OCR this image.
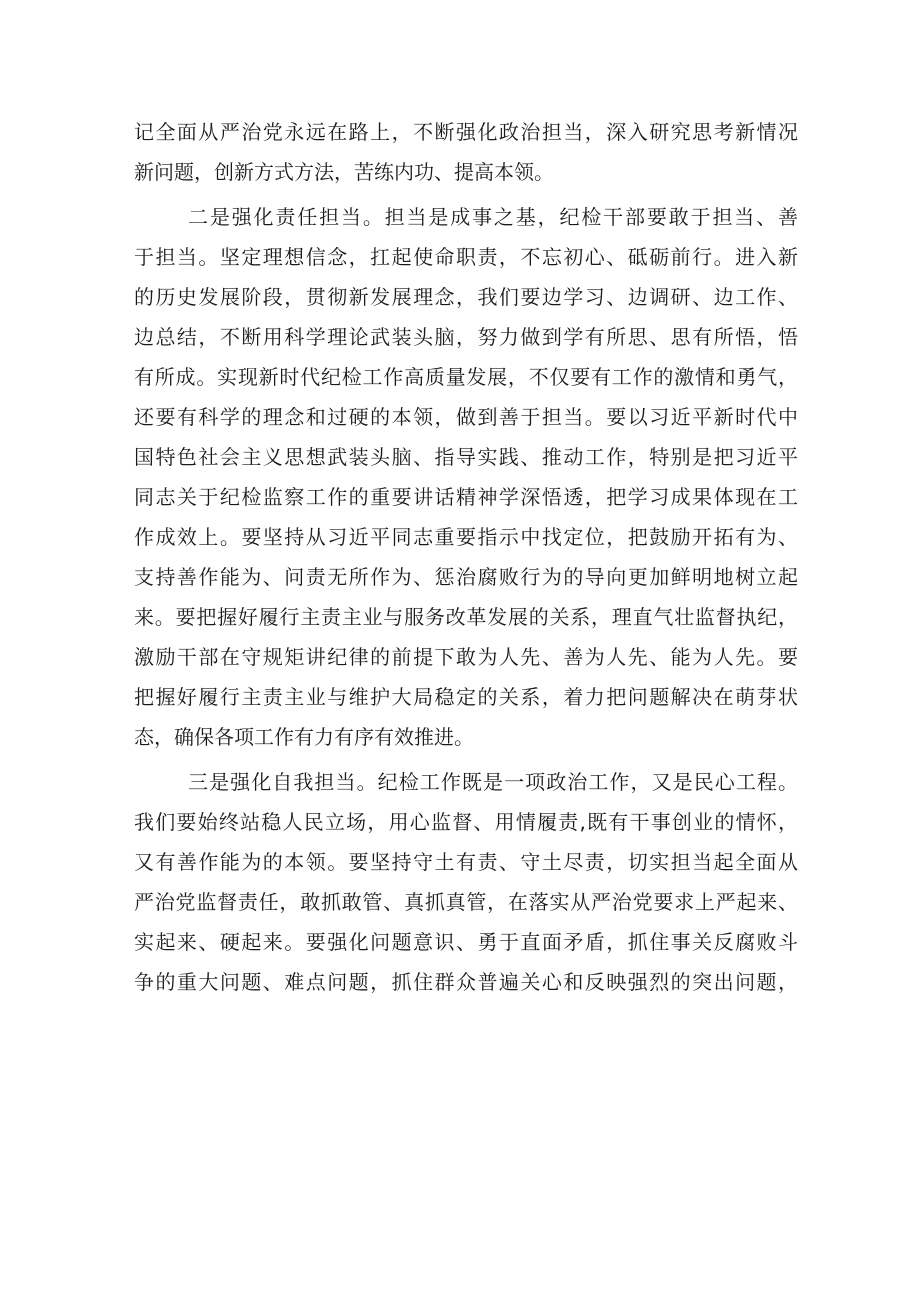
记全面从严治党永远在路上，不断强化政治担当，深入研究思考新情况
新问题，创新方式方法，苦练内功、提高本领。
二是强化责任担当。担当是成事之基，纪检干部要敢于担当、善
于担当。坚定理想信念，扛起使命职责，不忘初心、砥砺前行。进入新
的历史发展阶段，贯彻新发展理念，我们要边学习、边调研、边工作、
边总结，不断用科学理论武装头脑，努力做到学有所思、思有所悟，悟
有所成。实现新时代纪检工作高质量发展，不仅要有工作的激情和勇气，
还要有科学的理念和过硬的本领，做到善于担当。要以习近平新时代中
国特色社会主义思想武装头脑、指导实践、推动工作，特别是把习近平
同志关于纪检监察工作的重要讲话精神学深悟透，把学习成果体现在工
作成效上。要坚持从习近平同志重要指示中找定位，把鼓励开拓有为、
支持善作能为、问责无所作为、惩治腐败行为的导向更加鲜明地树立起
来。要把握好履行主责主业与服务改革发展的关系，理直气壮监督执纪，
激励干部在守规矩讲纪律的前提下敢为人先、善为人先、能为人先。要
把握好履行主责主业与维护大局稳定的关系，着力把问题解决在萌芽状
态，确保各项工作有力有序有效推进。
三是强化自我担当。纪检工作既是一项政治工作，又是民心工程。
我们要始终站稳人民立场，用心监督、用情履责,既有干事创业的情怀，
又有善作能为的本领。要坚持守土有责、守土尽责，切实担当起全面从
严治党监督责任，敢抓敢管、真抓真管，在落实从严治党要求上严起来、
实起来、硬起来。要强化问题意识、勇于直面矛盾，抓住事关反腐败斗
争的重大问题、难点问题，抓住群众普遍关心和反映强烈的突出问题，
